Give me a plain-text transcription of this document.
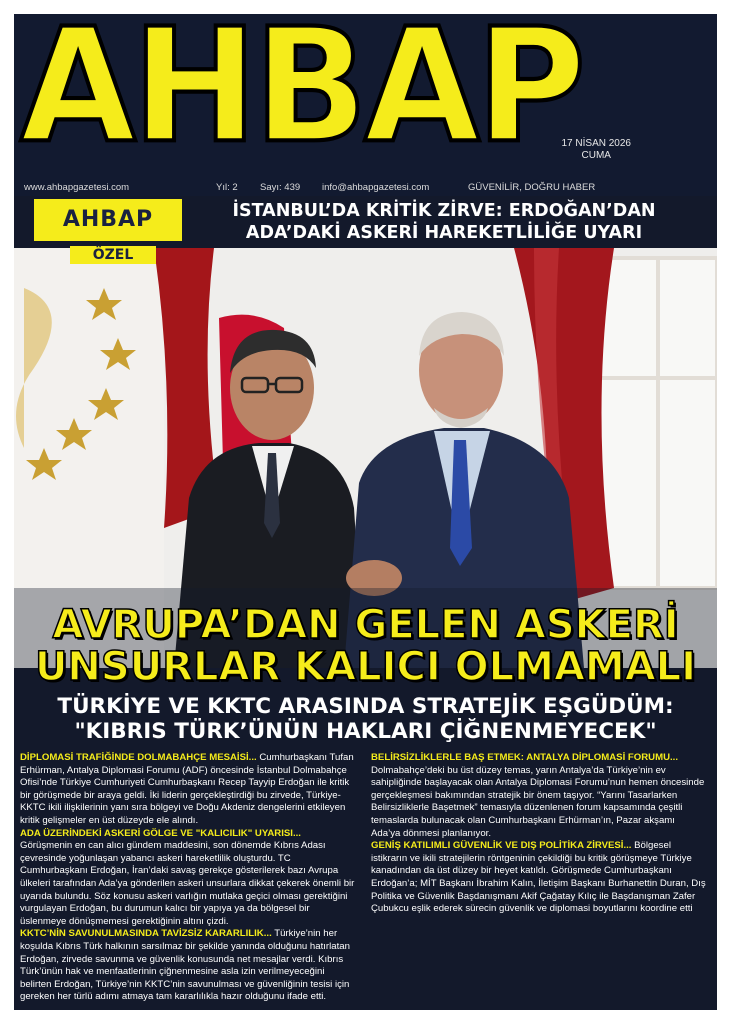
AHBAP
17 NİSAN 2026
CUMA
www.ahbapgazetesi.com	Yıl: 2 Sayı: 439 info@ahbapgazetesi.com	GÜVENİLİR, DOĞRU HABER
AHBAP	İSTANBUL’DA KRİTİK ZİRVE: ERDOĞAN’DAN ADA’DAKİ ASKERİ HAREKETLİLİĞE UYARI
ÖZEL
AVRUPA’DAN GELEN ASKERİ UNSURLAR KALICI OLMAMALI
TÜRKİYE VE KKTC ARASINDA STRATEJİK EŞGÜDÜM: "KIBRIS TÜRK’ÜNÜN HAKLARI ÇİĞNENMEYECEK"

DİPLOMASİ TRAFİĞİNDE DOLMABAHÇE MESAİSİ... Cumhurbaşkanı Tufan Erhürman, Antalya Diplomasi Forumu (ADF) öncesinde İstanbul Dolmabahçe Ofisi’nde Türkiye Cumhuriyeti Cumhurbaşkanı Recep Tayyip Erdoğan ile kritik bir görüşmede bir araya geldi. İki liderin gerçekleştirdiği bu zirvede, Türkiye-KKTC ikili ilişkilerinin yanı sıra bölgeyi ve Doğu Akdeniz dengelerini etkileyen kritik gelişmeler en üst düzeyde ele alındı.

ADA ÜZERİNDEKİ ASKERİ GÖLGE VE "KALICILIK" UYARISI... Görüşmenin en can alıcı gündem maddesini, son dönemde Kıbrıs Adası çevresinde yoğunlaşan yabancı askeri hareketlilik oluşturdu. TC Cumhurbaşkanı Erdoğan, İran’daki savaş gerekçe gösterilerek bazı Avrupa ülkeleri tarafından Ada’ya gönderilen askeri unsurlara dikkat çekerek önemli bir uyarıda bulundu. Söz konusu askeri varlığın mutlaka geçici olması gerektiğini vurgulayan Erdoğan, bu durumun kalıcı bir yapıya ya da bölgesel bir üslenmeye dönüşmemesi gerektiğinin altını çizdi.

KKTC’NİN SAVUNULMASINDA TAVİZSİZ KARARLILIK... Türkiye’nin her koşulda Kıbrıs Türk halkının sarsılmaz bir şekilde yanında olduğunu hatırlatan Erdoğan, zirvede savunma ve güvenlik konusunda net mesajlar verdi. Kıbrıs Türk’ünün hak ve menfaatlerinin çiğnenmesine asla izin verilmeyeceğini belirten Erdoğan, Türkiye’nin KKTC’nin savunulması ve güvenliğinin tesisi için gereken her türlü adımı atmaya tam kararlılıkla hazır olduğunu ifade etti.

BELİRSİZLİKLERLE BAŞ ETMEK: ANTALYA DİPLOMASİ FORUMU... Dolmabahçe’deki bu üst düzey temas, yarın Antalya’da Türkiye’nin ev sahipliğinde başlayacak olan Antalya Diplomasi Forumu’nun hemen öncesinde gerçekleşmesi bakımından stratejik bir önem taşıyor. “Yarını Tasarlarken Belirsizliklerle Başetmek” temasıyla düzenlenen forum kapsamında çeşitli temaslarda bulunacak olan Cumhurbaşkanı Erhürman’ın, Pazar akşamı Ada’ya dönmesi planlanıyor.

GENİŞ KATILIMLI GÜVENLİK VE DIŞ POLİTİKA ZİRVESİ... Bölgesel istikrarın ve ikili stratejilerin röntgeninin çekildiği bu kritik görüşmeye Türkiye kanadından da üst düzey bir heyet katıldı. Görüşmede Cumhurbaşkanı Erdoğan’a; MİT Başkanı İbrahim Kalın, İletişim Başkanı Burhanettin Duran, Dış Politika ve Güvenlik Başdanışmanı Akif Çağatay Kılıç ile Başdanışman Zafer Çubukcu eşlik ederek sürecin güvenlik ve diplomasi boyutlarını koordine etti
